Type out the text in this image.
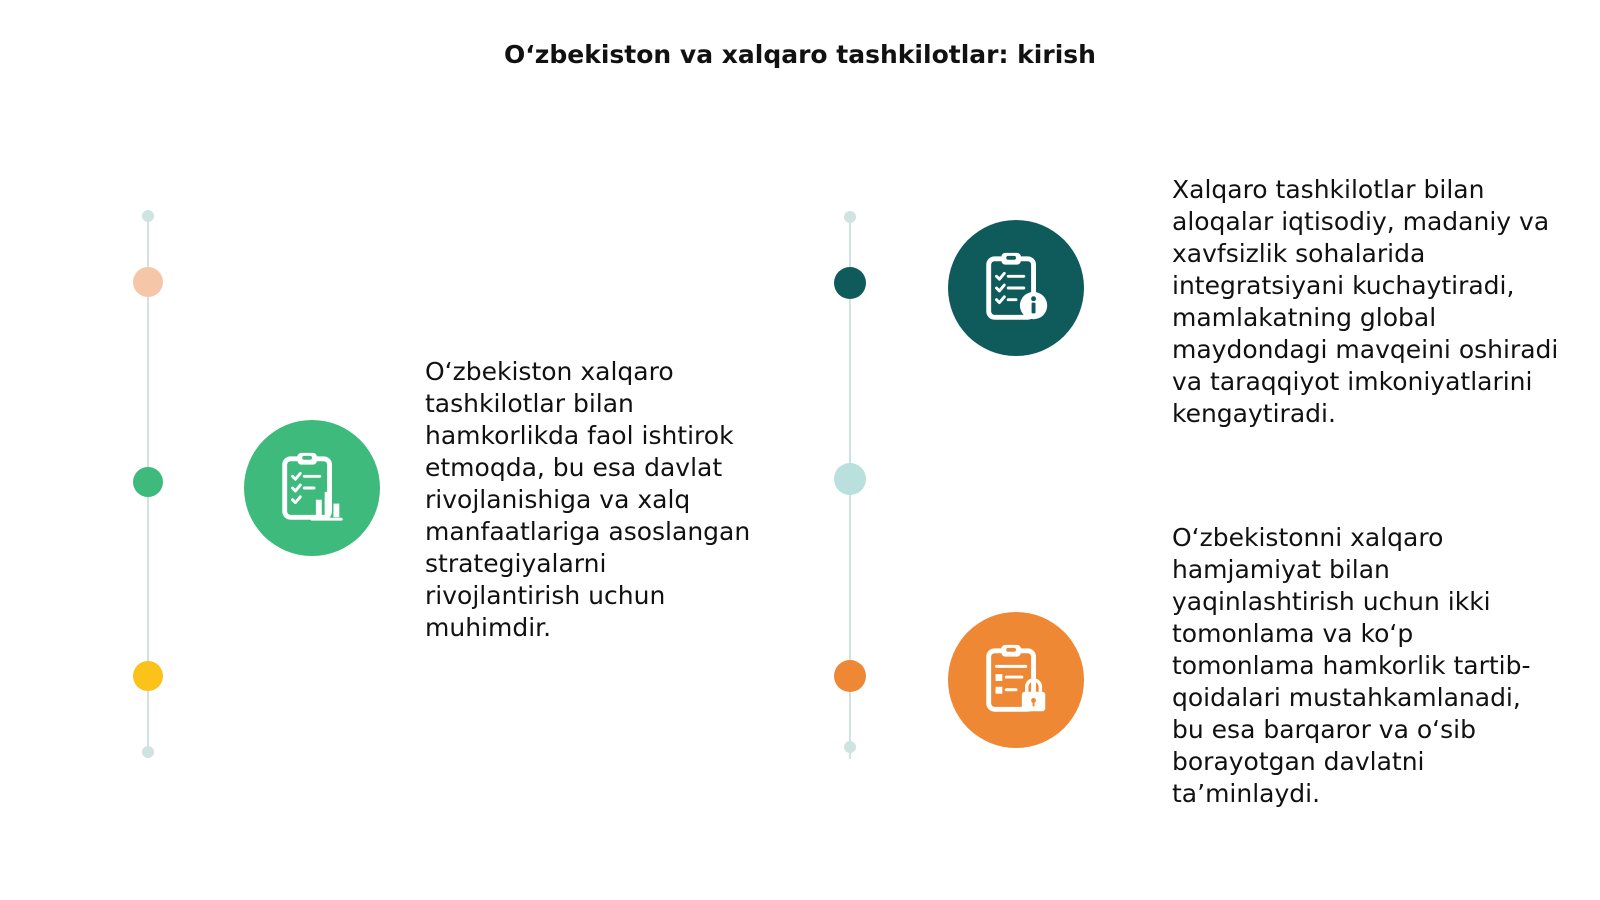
O‘zbekiston va xalqaro tashkilotlar: kirish

O‘zbekiston xalqaro tashkilotlar bilan hamkorlikda faol ishtirok etmoqda, bu esa davlat rivojlanishiga va xalq manfaatlariga asoslangan strategiyalarni rivojlantirish uchun muhimdir.

Xalqaro tashkilotlar bilan aloqalar iqtisodiy, madaniy va xavfsizlik sohalarida integratsiyani kuchaytiradi, mamlakatning global maydondagi mavqeini oshiradi va taraqqiyot imkoniyatlarini kengaytiradi.

O‘zbekistonni xalqaro hamjamiyat bilan yaqinlashtirish uchun ikki tomonlama va ko‘p tomonlama hamkorlik tartib-qoidalari mustahkamlanadi, bu esa barqaror va o‘sib borayotgan davlatni ta’minlaydi.
